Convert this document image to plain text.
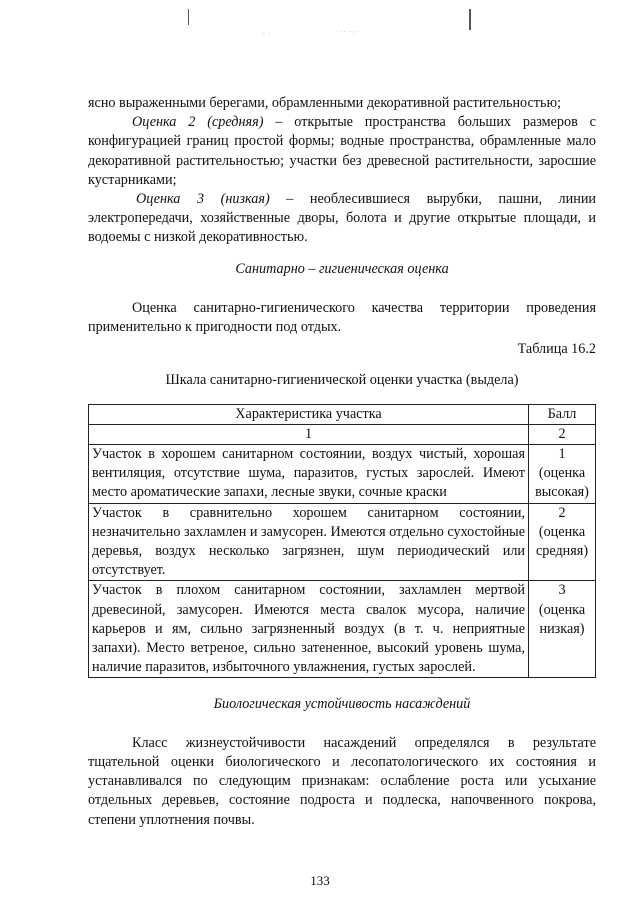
· ·	·· ·:·

ясно выраженными берегами, обрамленными декоративной растительностью;

Оценка 2 (средняя) – открытые пространства больших размеров с конфигурацией границ простой формы; водные пространства, обрамленные мало декоративной растительностью; участки без древесной растительности, заросшие кустарниками;

Оценка 3 (низкая) – необлесившиеся вырубки, пашни, линии электропередачи, хозяйственные дворы, болота и другие открытые площади, и водоемы с низкой декоративностью.

Санитарно – гигиеническая оценка

Оценка санитарно-гигиенического качества территории проведения применительно к пригодности под отдых.

Таблица 16.2

Шкала санитарно-гигиенической оценки участка (выдела)

Характеристика участка	Балл
1	2
Участок в хорошем санитарном состоянии, воздух чистый, хорошая вентиляция, отсутствие шума, паразитов, густых зарослей. Имеют место ароматические запахи, лесные звуки, сочные краски	1
(оценка высокая)

Участок в сравнительно хорошем санитарном состоянии, незначительно захламлен и замусорен. Имеются отдельно сухостойные деревья, воздух несколько загрязнен, шум периодический или отсутствует.	2
(оценка средняя)

Участок в плохом санитарном состоянии, захламлен мертвой древесиной, замусорен. Имеются места свалок мусора, наличие карьеров и ям, сильно загрязненный воздух (в т. ч. неприятные запахи). Место ветреное, сильно затененное, высокий уровень шума, наличие паразитов, избыточного увлажнения, густых зарослей.	3
(оценка низкая)

Биологическая устойчивость насаждений

Класс жизнеустойчивости насаждений определялся в результате тщательной оценки биологического и лесопатологического их состояния и устанавливался по следующим признакам: ослабление роста или усыхание отдельных деревьев, состояние подроста и подлеска, напочвенного покрова, степени уплотнения почвы.

133
